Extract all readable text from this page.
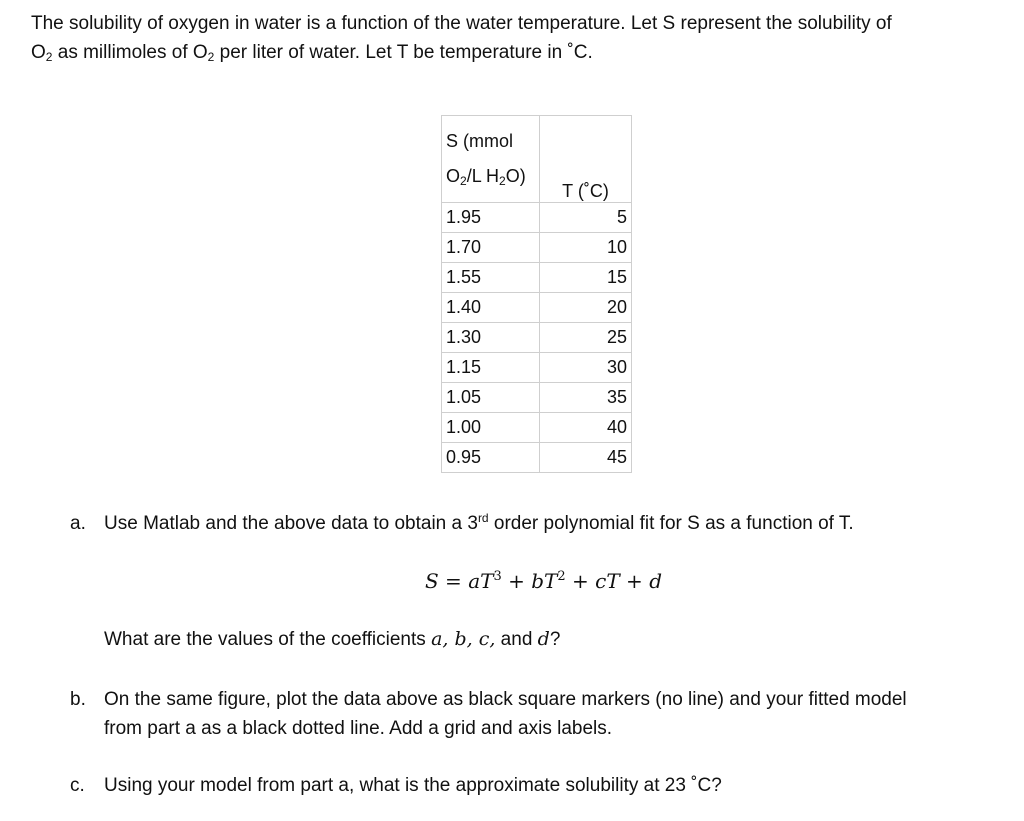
The solubility of oxygen in water is a function of the water temperature. Let S represent the solubility of

$O_2$ as millimoles of $O_2$ per liter of water. Let T be temperature in ˚C.

S (mmol
$O_2/L$ $H_2O$)	T (˚C)
1.95	5
1.70	10
1.55	15
1.40	20
1.30	25
1.15	30
1.05	35
1.00	40
0.95	45
a. Use Matlab and the above data to obtain a 3rd order polynomial fit for S as a function of T.
$S = aT^3 + bT^2$ + cT + d
What are the values of the coefficients a, b, c, and d?
b. On the same figure, plot the data above as black square markers (no line) and your fitted model
from part a as a black dotted line. Add a grid and axis labels.
c. Using your model from part a, what is the approximate solubility at 23 ˚C?
